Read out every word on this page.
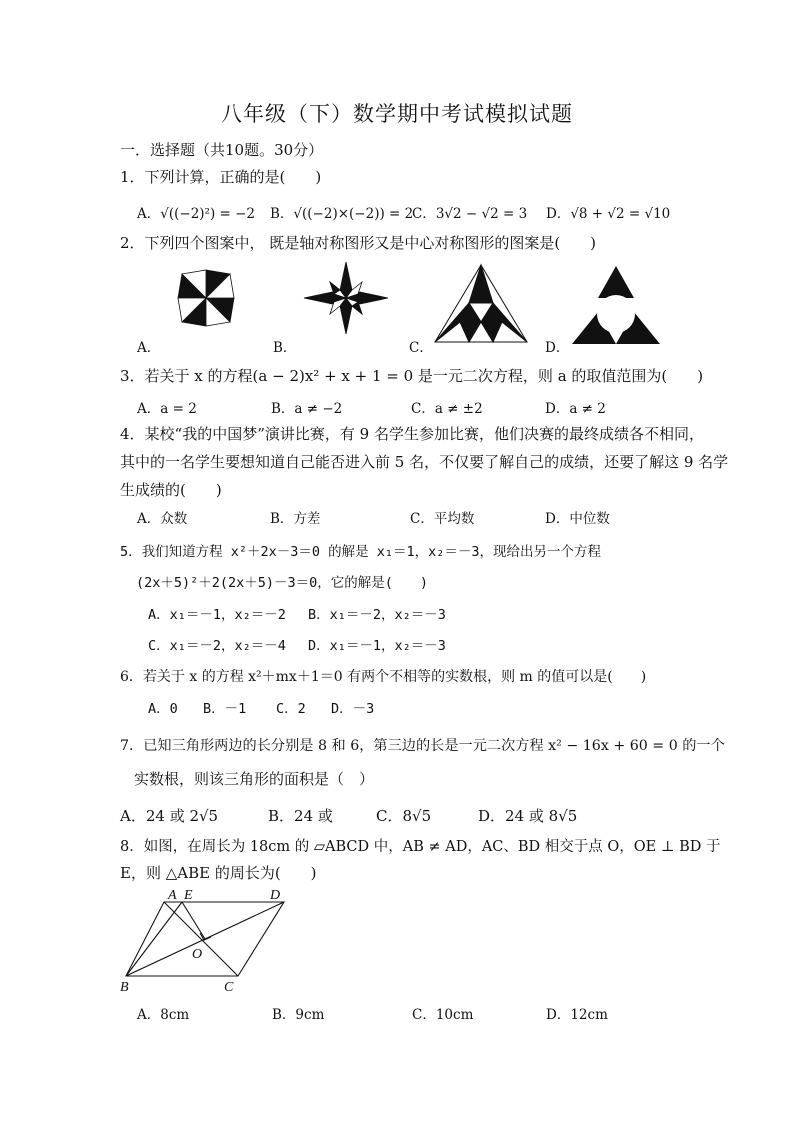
八年级（下）数学期中考试模拟试题
一．选择题（共10题。30分）
1．下列计算，正确的是(　　)
A．√((−2)²) = −2 B．√((−2)×(−2)) = 2
C．3√2 − √2 = 3 D．√8 + √2 = √10
2．下列四个图案中， 既是轴对称图形又是中心对称图形的图案是(　　)
A．	B．	C．	D．
3．若关于 x 的方程(a − 2)x² + x + 1 = 0 是一元二次方程，则 a 的取值范围为(　　)
A．a = 2	B．a ≠ −2	C．a ≠ ±2	D．a ≠ 2
4．某校“我的中国梦”演讲比赛，有 9 名学生参加比赛，他们决赛的最终成绩各不相同，
其中的一名学生要想知道自己能否进入前 5 名，不仅要了解自己的成绩，还要了解这 9 名学
生成绩的(　　)
A．众数	B．方差	C．平均数	D．中位数
5．我们知道方程 x²＋2x－3＝0 的解是 x₁＝1，x₂＝－3，现给出另一个方程
(2x＋5)²＋2(2x＋5)－3＝0，它的解是(　　)
A．x₁＝－1，x₂＝－2 B．x₁＝－2，x₂＝－3
C．x₁＝－2，x₂＝－4 D．x₁＝－1，x₂＝－3
6．若关于 x 的方程 x²＋mx＋1＝0 有两个不相等的实数根，则 m 的值可以是(　　)
A．0 B．－1 C．2 D．－3
7．已知三角形两边的长分别是 8 和 6，第三边的长是一元二次方程 x² − 16x + 60 = 0 的一个
实数根，则该三角形的面积是（　）
A．24 或 2√5	B．24 或	C．8√5	D．24 或 8√5
8．如图，在周长为 18cm 的 ▱ABCD 中，AB ≠ AD，AC、BD 相交于点 O，OE ⊥ BD 于
E，则 △ABE 的周长为(　　)
A E	D
O
B	C
A．8cm	B．9cm	C．10cm	D．12cm
